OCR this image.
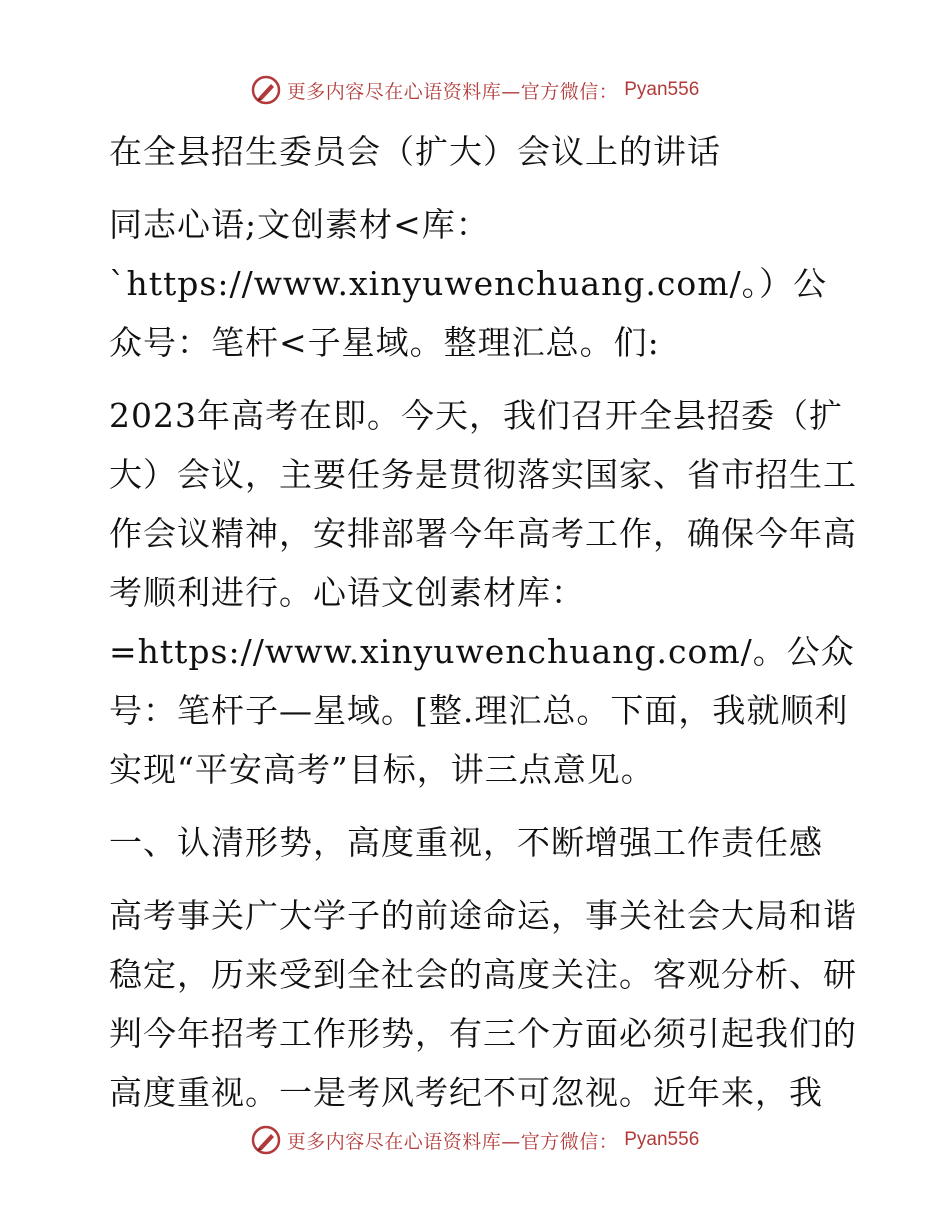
更多内容尽在心语资料库—官方微信： Pyan556

在全县招生委员会（扩大）会议上的讲话

同志心语;文创素材<库：`https://www.xinyuwenchuang.com/。）公众号：笔杆<子星域。整理汇总。们:

2023年高考在即。今天，我们召开全县招委（扩大）会议，主要任务是贯彻落实国家、省市招生工作会议精神，安排部署今年高考工作，确保今年高考顺利进行。心语文创素材库：=https://www.xinyuwenchuang.com/。公众号：笔杆子—星域。[整.理汇总。下面，我就顺利实现“平安高考”目标，讲三点意见。

一、认清形势，高度重视，不断增强工作责任感

高考事关广大学子的前途命运，事关社会大局和谐稳定，历来受到全社会的高度关注。客观分析、研判今年招考工作形势，有三个方面必须引起我们的高度重视。一是考风考纪不可忽视。近年来，我

更多内容尽在心语资料库—官方微信： Pyan556
